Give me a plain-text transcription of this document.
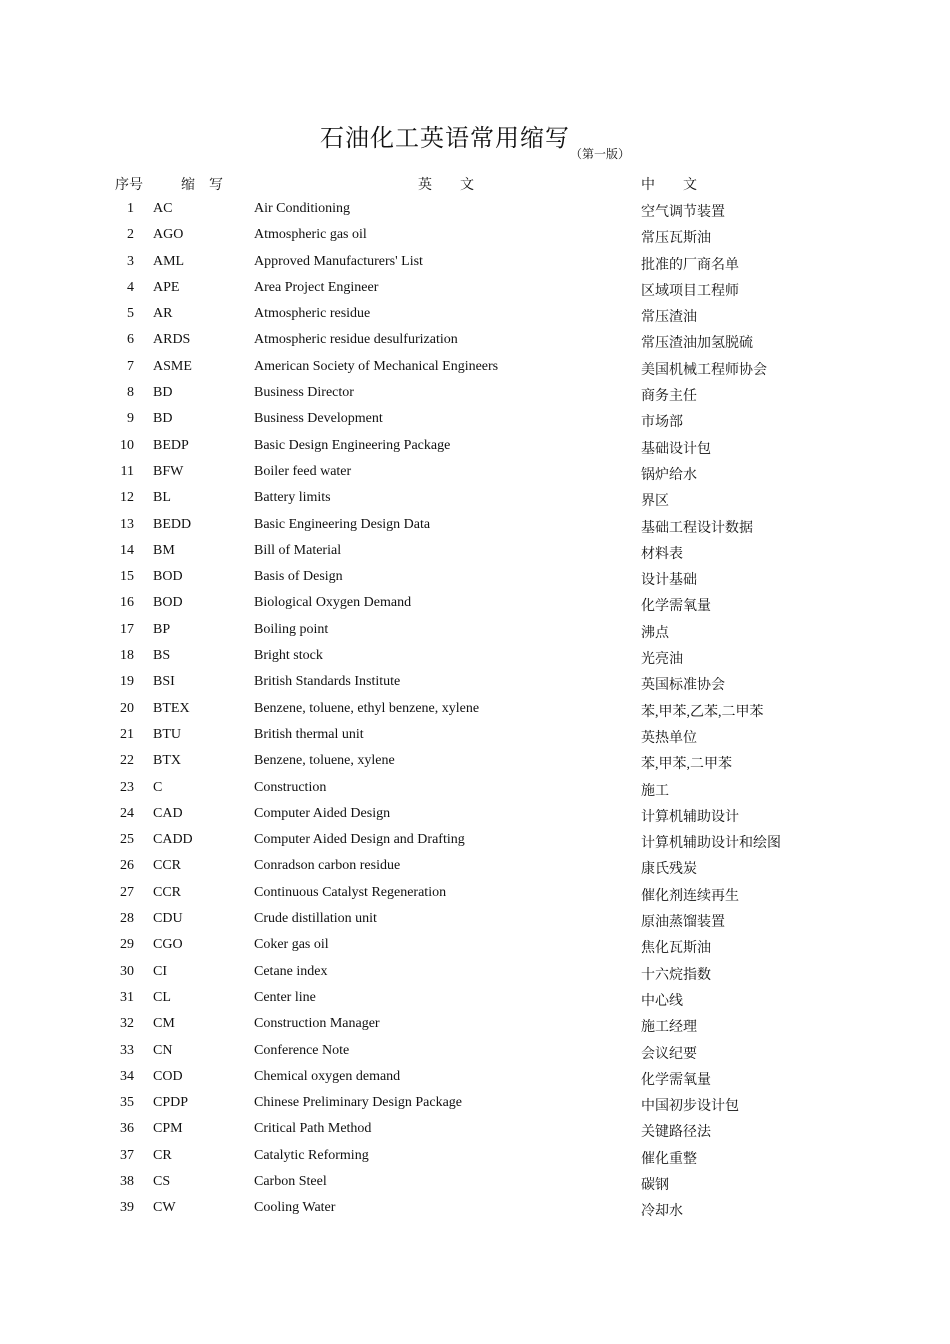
石油化工英语常用缩写$_{(第一版)}$
序号	缩    写	英        文	中        文
1 AC	Air Conditioning	空气调节装置
2 AGO	Atmospheric gas oil	常压瓦斯油
3 AML	Approved Manufacturers' List	批准的厂商名单
4 APE	Area Project Engineer	区域项目工程师
5 AR	Atmospheric residue	常压渣油
6 ARDS	Atmospheric residue desulfurization	常压渣油加氢脱硫
7 ASME	American Society of Mechanical Engineers	美国机械工程师协会
8 BD	Business Director	商务主任
9 BD	Business Development	市场部
10 BEDP	Basic Design Engineering Package	基础设计包
11 BFW	Boiler feed water	锅炉给水
12 BL	Battery limits	界区
13 BEDD	Basic Engineering Design Data	基础工程设计数据
14 BM	Bill of Material	材料表
15 BOD	Basis of Design	设计基础
16 BOD	Biological Oxygen Demand	化学需氧量
17 BP	Boiling point	沸点
18 BS	Bright stock	光亮油
19 BSI	British Standards Institute	英国标准协会
20 BTEX	Benzene, toluene, ethyl benzene, xylene	苯,甲苯,乙苯,二甲苯
21 BTU	British thermal unit	英热单位
22 BTX	Benzene, toluene, xylene	苯,甲苯,二甲苯
23 C	Construction	施工
24 CAD	Computer Aided Design	计算机辅助设计
25 CADD	Computer Aided Design and Drafting	计算机辅助设计和绘图
26 CCR	Conradson carbon residue	康氏残炭
27 CCR	Continuous Catalyst Regeneration	催化剂连续再生
28 CDU	Crude distillation unit	原油蒸馏装置
29 CGO	Coker gas oil	焦化瓦斯油
30 CI	Cetane index	十六烷指数
31 CL	Center line	中心线
32 CM	Construction Manager	施工经理
33 CN	Conference Note	会议纪要
34 COD	Chemical oxygen demand	化学需氧量
35 CPDP	Chinese Preliminary Design Package	中国初步设计包
36 CPM	Critical Path Method	关键路径法
37 CR	Catalytic Reforming	催化重整
38 CS	Carbon Steel	碳钢
39 CW	Cooling Water	冷却水
